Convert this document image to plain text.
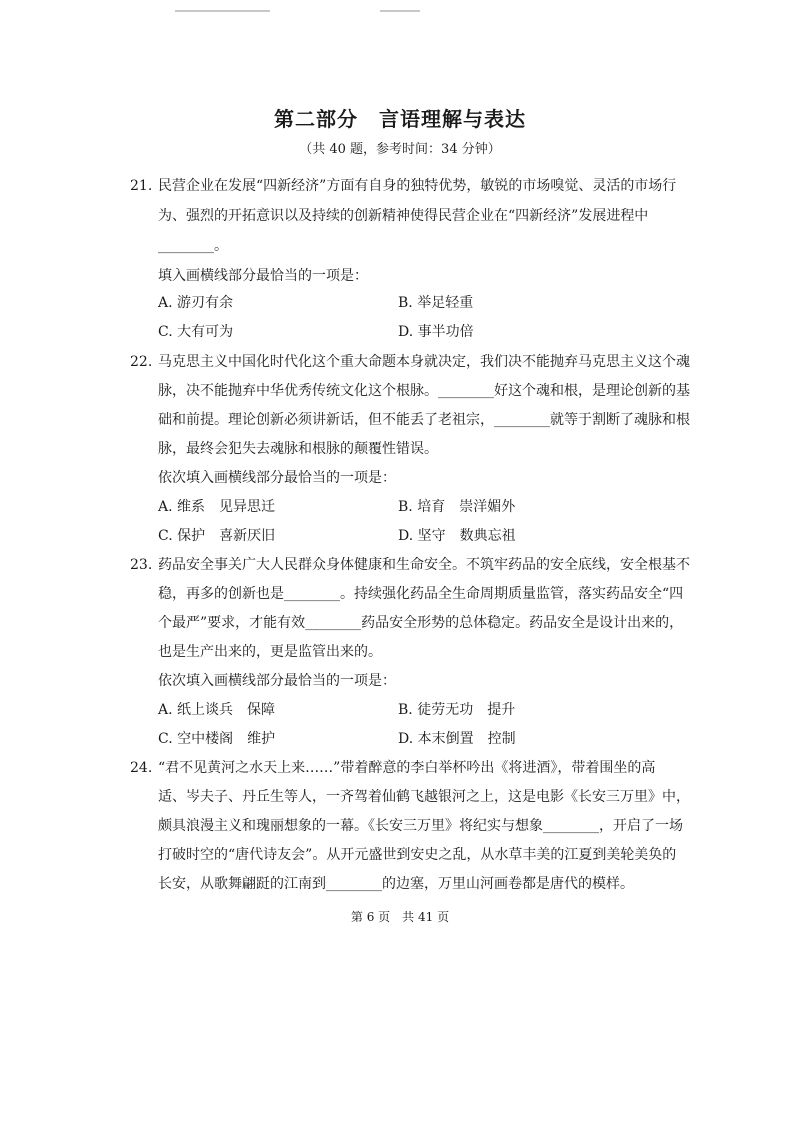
第二部分　言语理解与表达
（共 40 题，参考时间：34 分钟）
21. 民营企业在发展“四新经济”方面有自身的独特优势，敏锐的市场嗅觉、灵活的市场行
为、强烈的开拓意识以及持续的创新精神使得民营企业在“四新经济”发展进程中
________。
填入画横线部分最恰当的一项是：
A. 游刃有余	B. 举足轻重
C. 大有可为	D. 事半功倍
22. 马克思主义中国化时代化这个重大命题本身就决定，我们决不能抛弃马克思主义这个魂
脉，决不能抛弃中华优秀传统文化这个根脉。________好这个魂和根，是理论创新的基
础和前提。理论创新必须讲新话，但不能丢了老祖宗，________就等于割断了魂脉和根
脉，最终会犯失去魂脉和根脉的颠覆性错误。
依次填入画横线部分最恰当的一项是：
A. 维系　见异思迁	B. 培育　崇洋媚外
C. 保护　喜新厌旧	D. 坚守　数典忘祖
23. 药品安全事关广大人民群众身体健康和生命安全。不筑牢药品的安全底线，安全根基不
稳，再多的创新也是________。持续强化药品全生命周期质量监管，落实药品安全“四
个最严”要求，才能有效________药品安全形势的总体稳定。药品安全是设计出来的，
也是生产出来的，更是监管出来的。
依次填入画横线部分最恰当的一项是：
A. 纸上谈兵　保障	B. 徒劳无功　提升
C. 空中楼阁　维护	D. 本末倒置　控制
24. “君不见黄河之水天上来……”带着醉意的李白举杯吟出《将进酒》，带着围坐的高
适、岑夫子、丹丘生等人，一齐驾着仙鹤飞越银河之上，这是电影《长安三万里》中，
颇具浪漫主义和瑰丽想象的一幕。《长安三万里》将纪实与想象________，开启了一场
打破时空的“唐代诗友会”。从开元盛世到安史之乱，从水草丰美的江夏到美轮美奂的
长安，从歌舞翩跹的江南到________的边塞，万里山河画卷都是唐代的模样。
第 6 页　共 41 页
